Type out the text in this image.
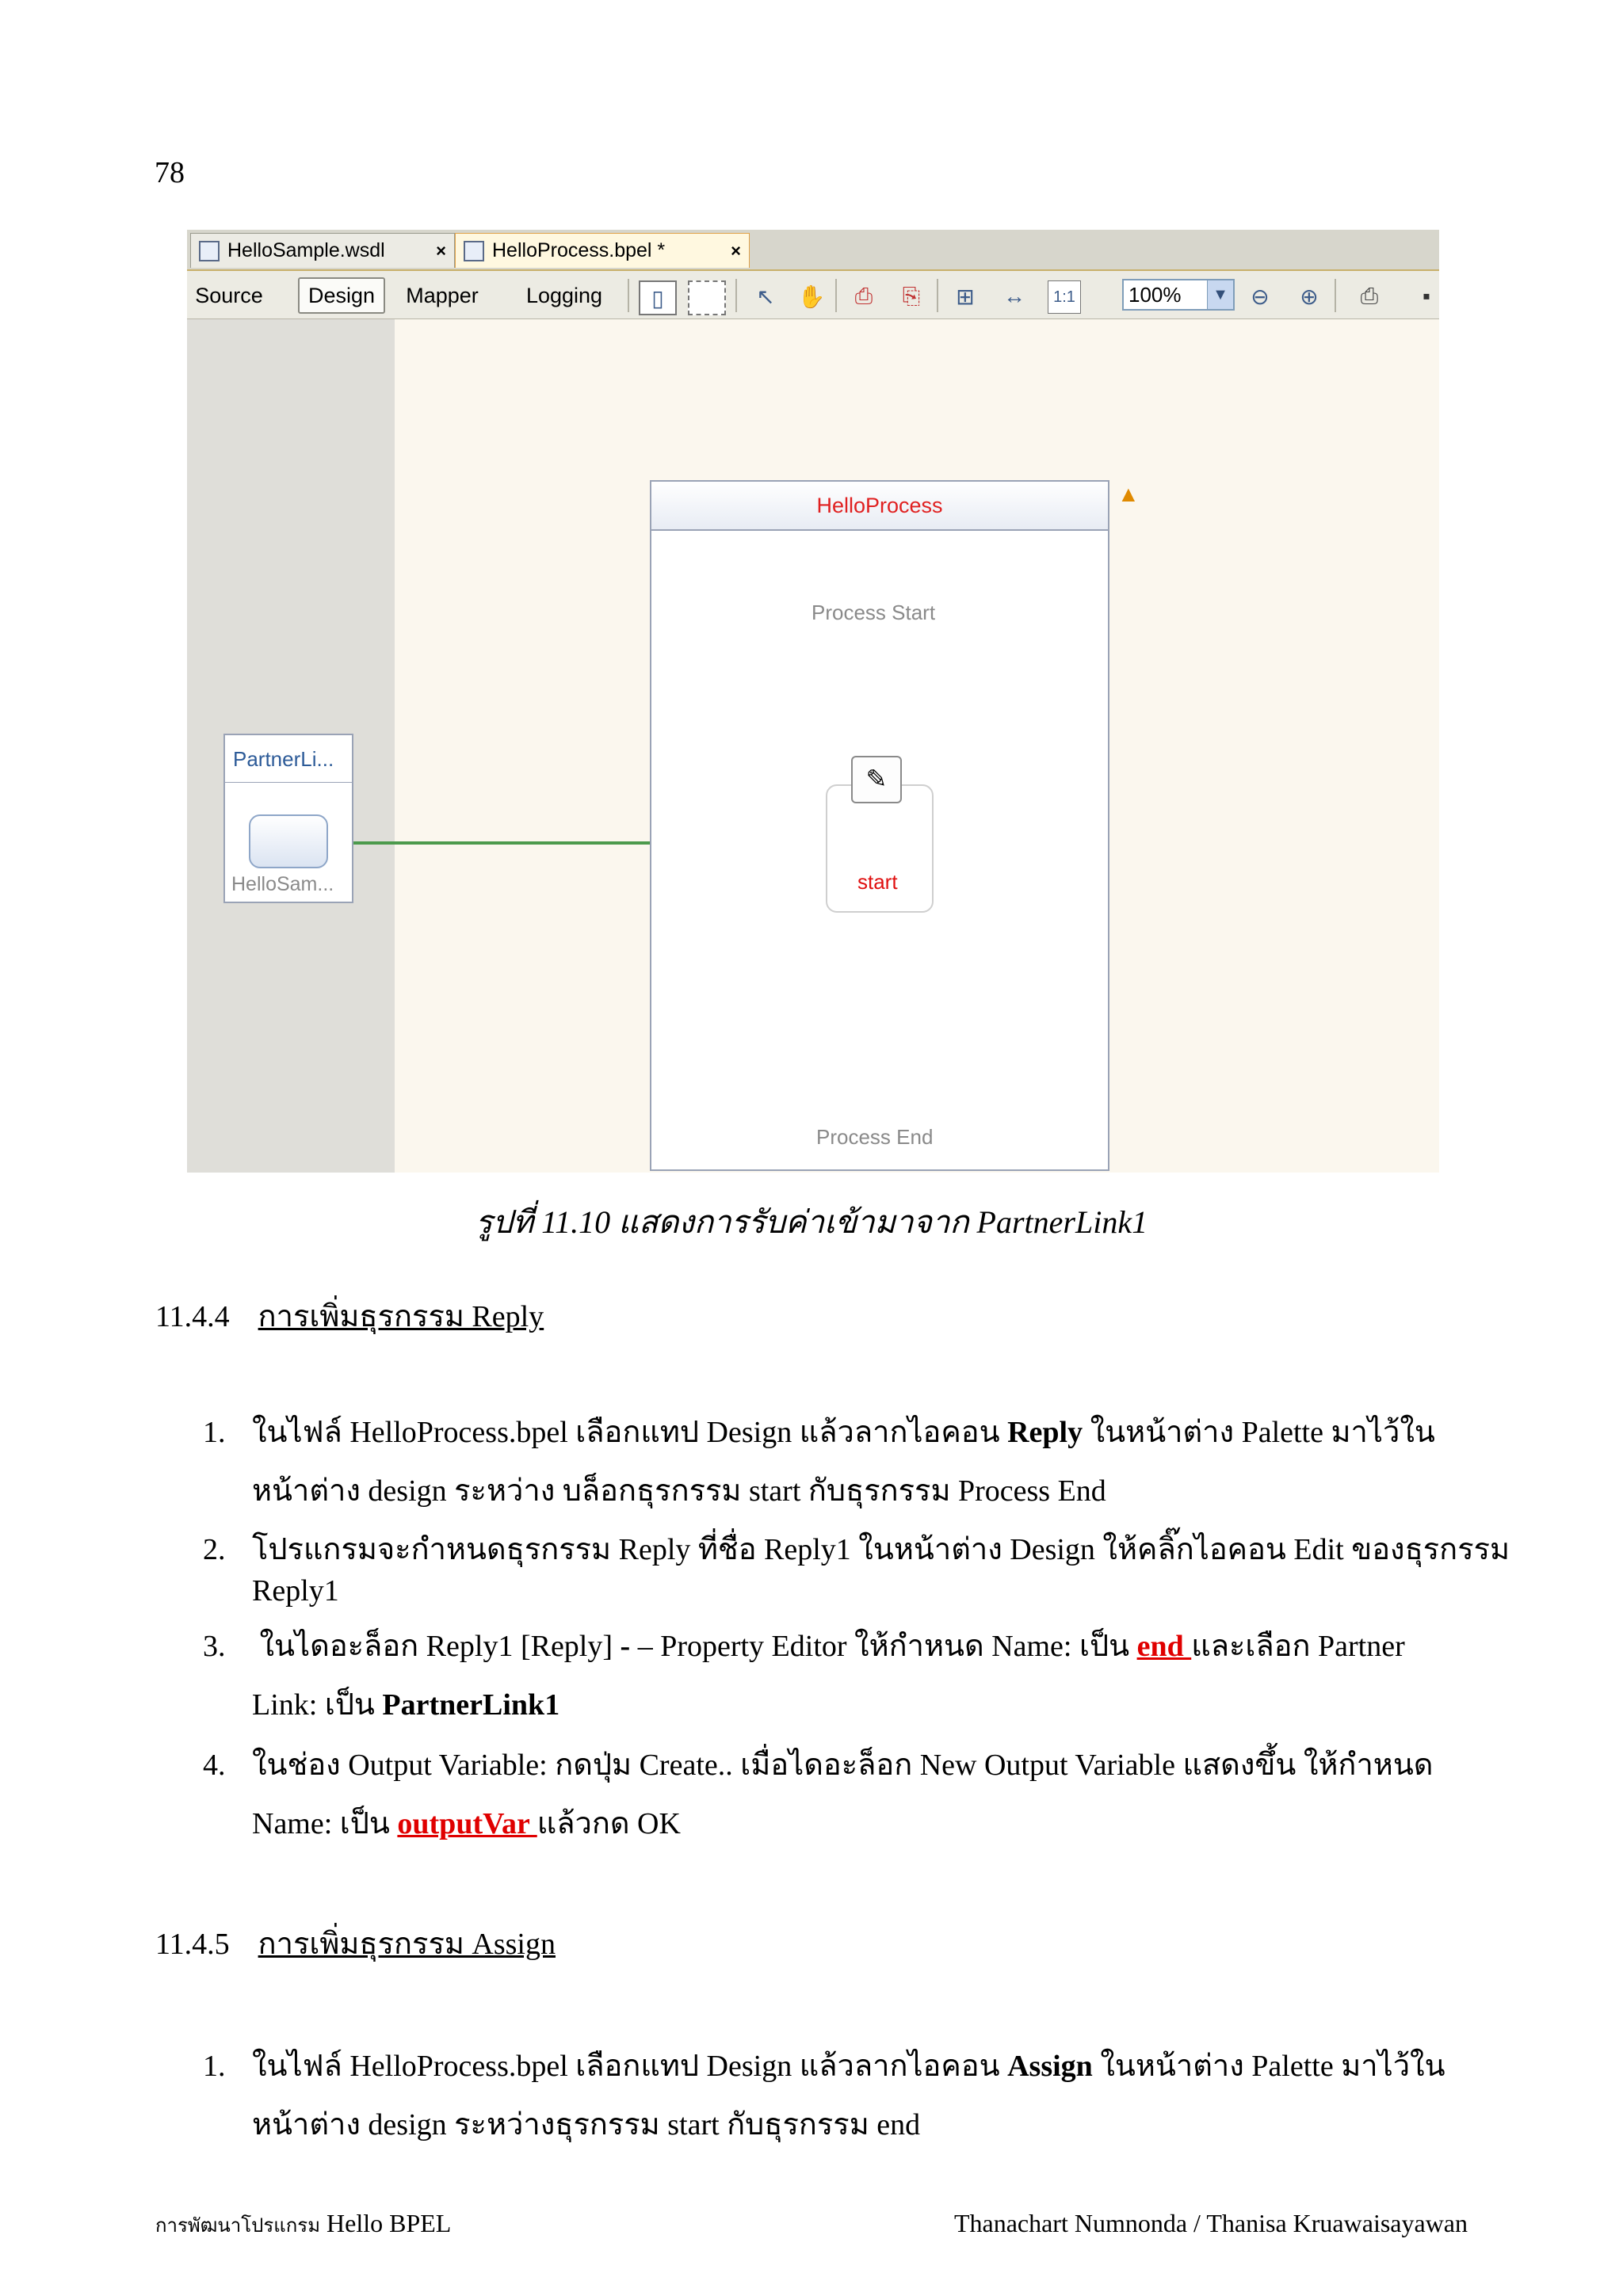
78
HelloSample.wsdl	× HelloProcess.bpel *	×
Source	Design	Mapper Logging	▯	↖ ✋	⎙	⎘	⊞ ↔	1:1	100%	▼ ⊖ ⊕	⎙	▪
PartnerLi...
HelloSam...
HelloProcess	▲
Process Start
✎
start
Process End
รูปที่ 11.10 แสดงการรับค่าเข้ามาจาก PartnerLink1
11.4.4 การเพิ่มธุรกรรม Reply
1. ในไฟล์ HelloProcess.bpel เลือกแทป Design แล้วลากไอคอน Reply ในหน้าต่าง Palette มาไว้ใน
หน้าต่าง design ระหว่าง บล็อกธุรกรรม start กับธุรกรรม Process End
2. โปรแกรมจะกำหนดธุรกรรม Reply ที่ชื่อ Reply1 ในหน้าต่าง Design ให้คลิ๊กไอคอน Edit ของธุรกรรม
Reply1
3. ในไดอะล็อก Reply1 [Reply] - – Property Editor ให้กำหนด Name: เป็น end และเลือก Partner
Link: เป็น PartnerLink1
4. ในช่อง Output Variable: กดปุ่ม Create.. เมื่อไดอะล็อก New Output Variable แสดงขึ้น ให้กำหนด
Name: เป็น outputVar แล้วกด OK
11.4.5 การเพิ่มธุรกรรม Assign
1. ในไฟล์ HelloProcess.bpel เลือกแทป Design แล้วลากไอคอน Assign ในหน้าต่าง Palette มาไว้ใน
หน้าต่าง design ระหว่างธุรกรรม start กับธุรกรรม end
การพัฒนาโปรแกรม Hello BPEL	Thanachart Numnonda / Thanisa Kruawaisayawan
